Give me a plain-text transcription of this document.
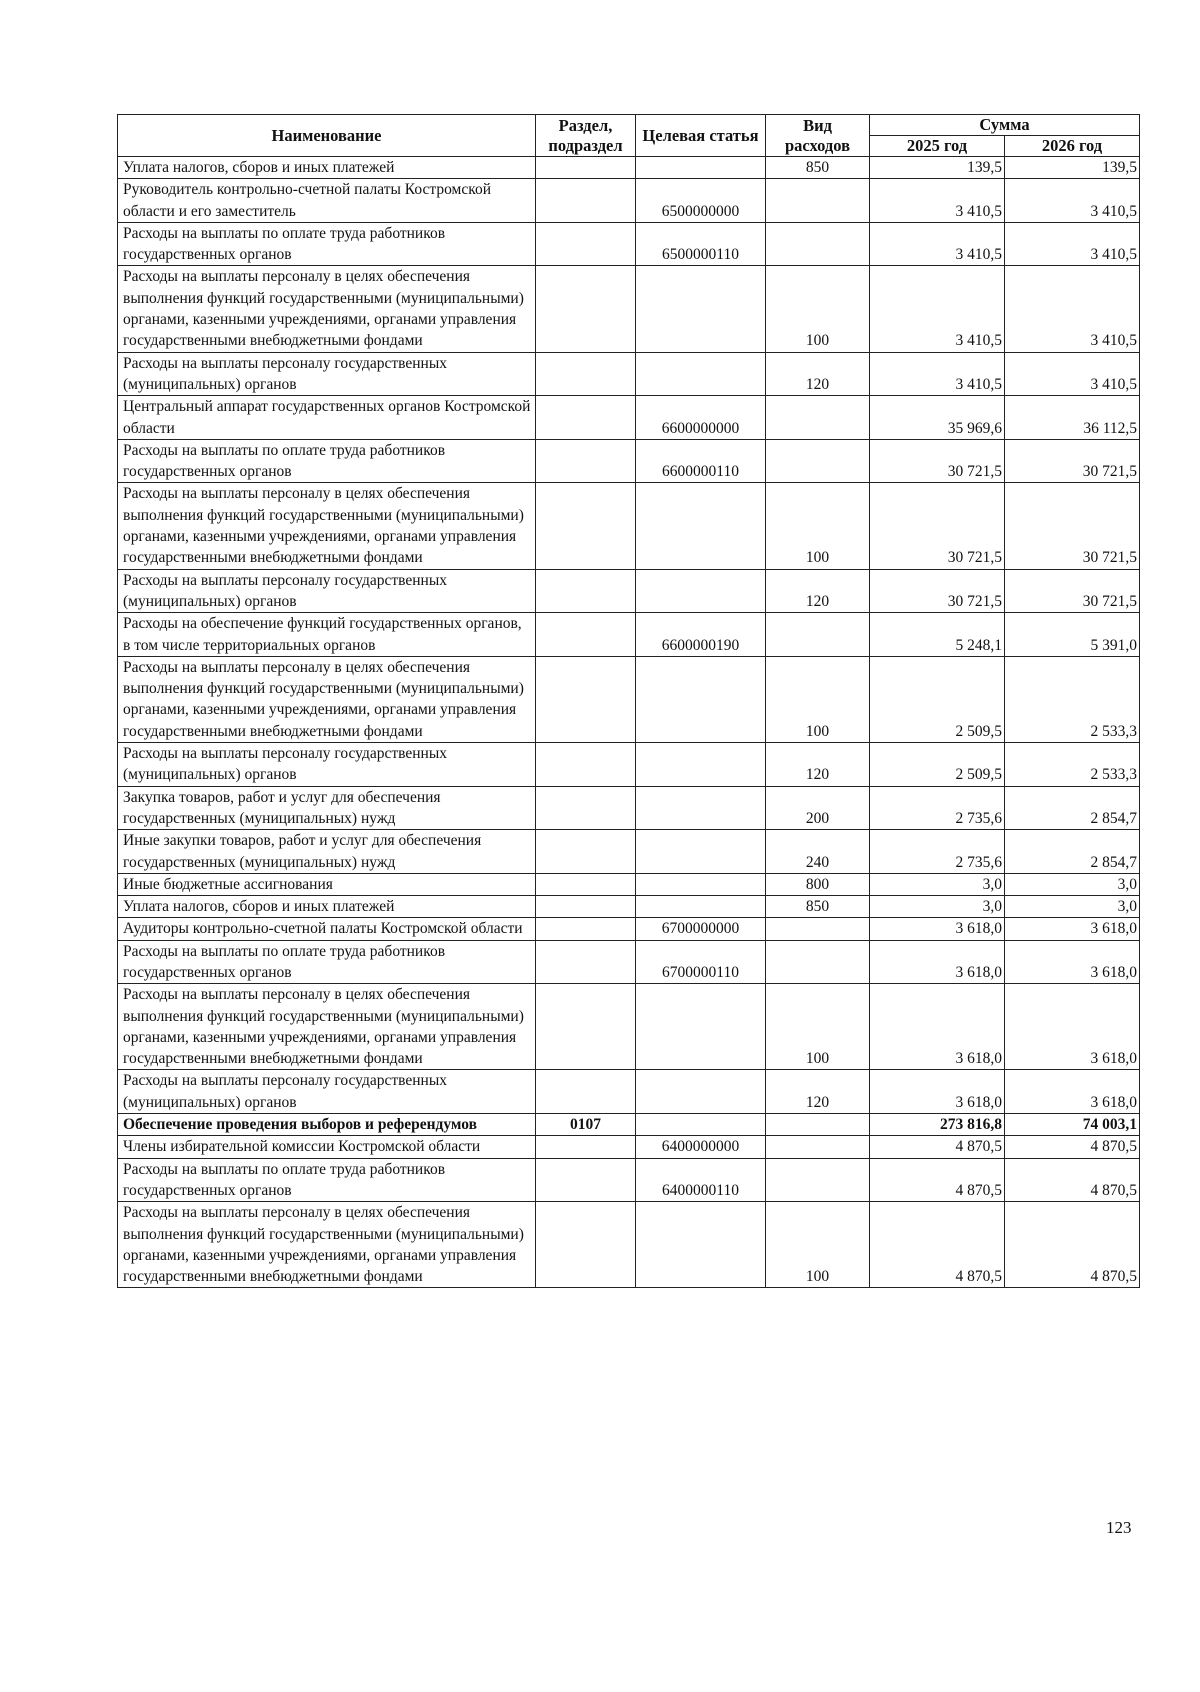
Наименование	Раздел, подраздел	Целевая статья	Вид расходов	Сумма	
				2025 год	2026 год
Уплата налогов, сборов и иных платежей			850	139,5	139,5
Руководитель контрольно-счетной палаты Костромской области и его заместитель		6500000000		3 410,5	3 410,5
Расходы на выплаты по оплате труда работников государственных органов		6500000110		3 410,5	3 410,5
Расходы на выплаты персоналу в целях обеспечения выполнения функций государственными (муниципальными) органами, казенными учреждениями, органами управления государственными внебюджетными фондами			100	3 410,5	3 410,5
Расходы на выплаты персоналу государственных (муниципальных) органов			120	3 410,5	3 410,5
Центральный аппарат государственных органов Костромской области		6600000000		35 969,6	36 112,5
Расходы на выплаты по оплате труда работников государственных органов		6600000110		30 721,5	30 721,5
Расходы на выплаты персоналу в целях обеспечения выполнения функций государственными (муниципальными) органами, казенными учреждениями, органами управления государственными внебюджетными фондами			100	30 721,5	30 721,5
Расходы на выплаты персоналу государственных (муниципальных) органов			120	30 721,5	30 721,5
Расходы на обеспечение функций государственных органов, в том числе территориальных органов		6600000190		5 248,1	5 391,0
Расходы на выплаты персоналу в целях обеспечения выполнения функций государственными (муниципальными) органами, казенными учреждениями, органами управления государственными внебюджетными фондами			100	2 509,5	2 533,3
Расходы на выплаты персоналу государственных (муниципальных) органов			120	2 509,5	2 533,3
Закупка товаров, работ и услуг для обеспечения государственных (муниципальных) нужд			200	2 735,6	2 854,7
Иные закупки товаров, работ и услуг для обеспечения государственных (муниципальных) нужд			240	2 735,6	2 854,7
Иные бюджетные ассигнования			800	3,0	3,0
Уплата налогов, сборов и иных платежей			850	3,0	3,0
Аудиторы контрольно-счетной палаты Костромской области		6700000000		3 618,0	3 618,0
Расходы на выплаты по оплате труда работников государственных органов		6700000110		3 618,0	3 618,0
Расходы на выплаты персоналу в целях обеспечения выполнения функций государственными (муниципальными) органами, казенными учреждениями, органами управления государственными внебюджетными фондами			100	3 618,0	3 618,0
Расходы на выплаты персоналу государственных (муниципальных) органов			120	3 618,0	3 618,0
Обеспечение проведения выборов и референдумов	0107			273 816,8	74 003,1
Члены избирательной комиссии Костромской области		6400000000		4 870,5	4 870,5
Расходы на выплаты по оплате труда работников государственных органов		6400000110		4 870,5	4 870,5
Расходы на выплаты персоналу в целях обеспечения выполнения функций государственными (муниципальными) органами, казенными учреждениями, органами управления государственными внебюджетными фондами			100	4 870,5	4 870,5
123
